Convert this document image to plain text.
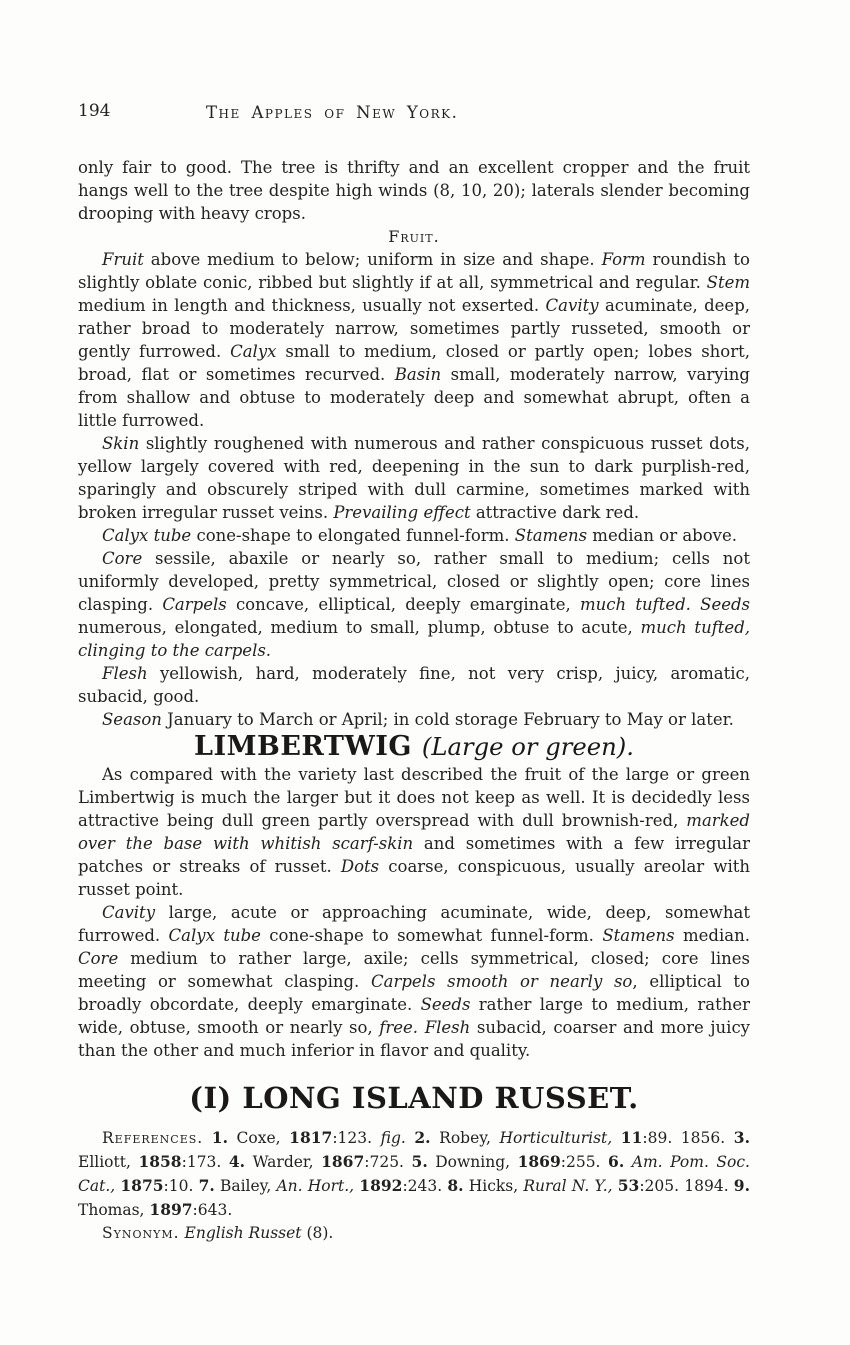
194	The Apples of New York.

only fair to good. The tree is thrifty and an excellent cropper and the fruit hangs well to the tree despite high winds (8, 10, 20); laterals slender becoming drooping with heavy crops.

Fruit.

Fruit above medium to below; uniform in size and shape. Form roundish to slightly oblate conic, ribbed but slightly if at all, symmetrical and regular. Stem medium in length and thickness, usually not exserted. Cavity acuminate, deep, rather broad to moderately narrow, sometimes partly russeted, smooth or gently furrowed. Calyx small to medium, closed or partly open; lobes short, broad, flat or sometimes recurved. Basin small, moderately narrow, varying from shallow and obtuse to moderately deep and somewhat abrupt, often a little furrowed.

Skin slightly roughened with numerous and rather conspicuous russet dots, yellow largely covered with red, deepening in the sun to dark purplish-red, sparingly and obscurely striped with dull carmine, sometimes marked with broken irregular russet veins. Prevailing effect attractive dark red.

Calyx tube cone-shape to elongated funnel-form. Stamens median or above.

Core sessile, abaxile or nearly so, rather small to medium; cells not uniformly developed, pretty symmetrical, closed or slightly open; core lines clasping. Carpels concave, elliptical, deeply emarginate, much tufted. Seeds numerous, elongated, medium to small, plump, obtuse to acute, much tufted, clinging to the carpels.

Flesh yellowish, hard, moderately fine, not very crisp, juicy, aromatic, subacid, good.

Season January to March or April; in cold storage February to May or later.

LIMBERTWIG (Large or green).

As compared with the variety last described the fruit of the large or green Limbertwig is much the larger but it does not keep as well. It is decidedly less attractive being dull green partly overspread with dull brownish-red, marked over the base with whitish scarf-skin and sometimes with a few irregular patches or streaks of russet. Dots coarse, conspicuous, usually areolar with russet point.

Cavity large, acute or approaching acuminate, wide, deep, somewhat furrowed. Calyx tube cone-shape to somewhat funnel-form. Stamens median. Core medium to rather large, axile; cells symmetrical, closed; core lines meeting or somewhat clasping. Carpels smooth or nearly so, elliptical to broadly obcordate, deeply emarginate. Seeds rather large to medium, rather wide, obtuse, smooth or nearly so, free. Flesh subacid, coarser and more juicy than the other and much inferior in flavor and quality.

(I) LONG ISLAND RUSSET.

References. 1. Coxe, 1817:123. fig. 2. Robey, Horticulturist, 11:89. 1856. 3. Elliott, 1858:173. 4. Warder, 1867:725. 5. Downing, 1869:255. 6. Am. Pom. Soc. Cat., 1875:10. 7. Bailey, An. Hort., 1892:243. 8. Hicks, Rural N. Y., 53:205. 1894. 9. Thomas, 1897:643.

Synonym. English Russet (8).
